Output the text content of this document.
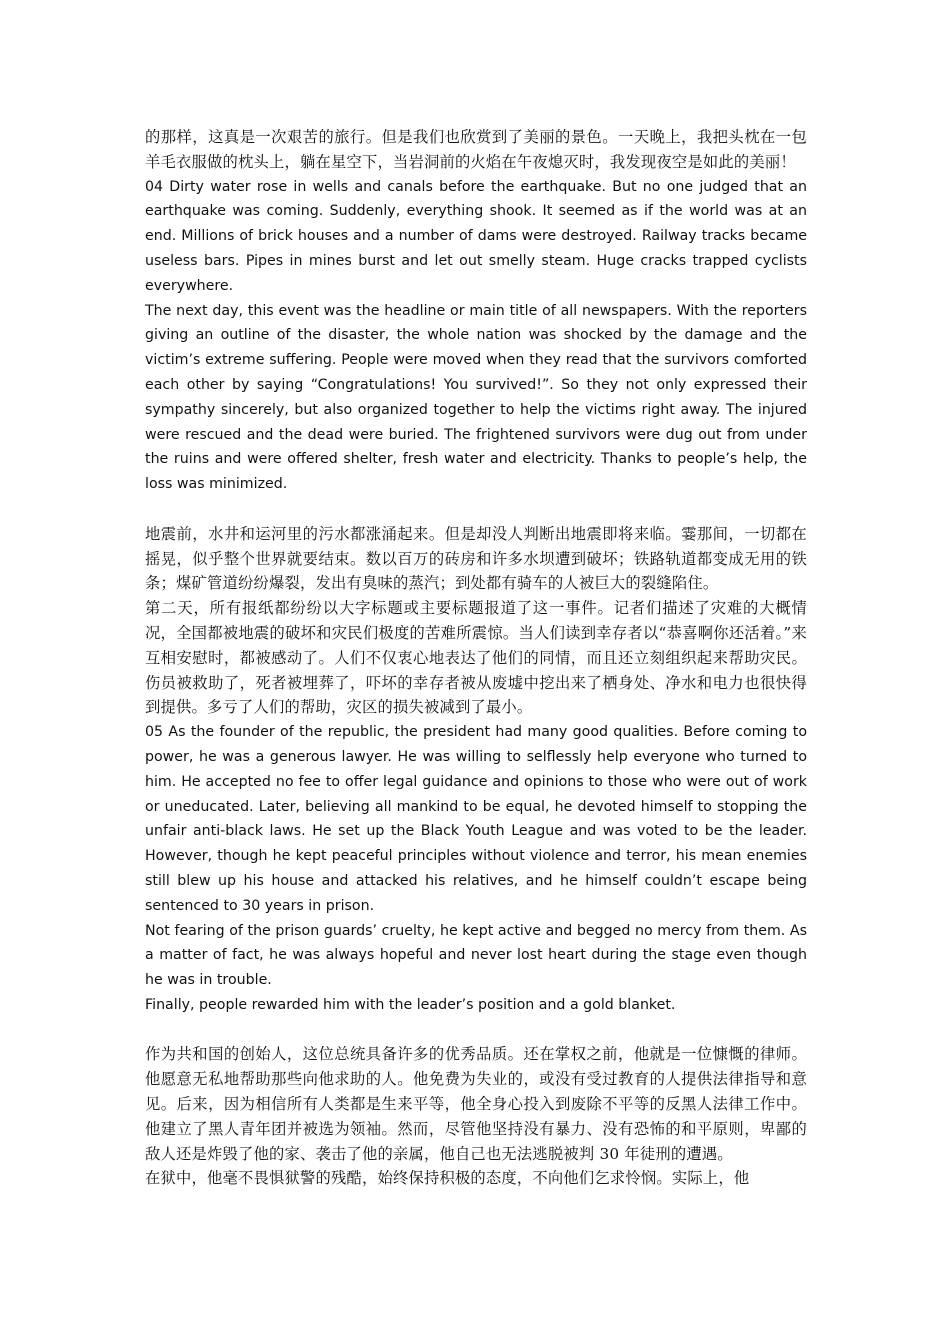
的那样，这真是一次艰苦的旅行。但是我们也欣赏到了美丽的景色。一天晚上，我把头枕在一包羊毛衣服做的枕头上，躺在星空下，当岩洞前的火焰在午夜熄灭时，我发现夜空是如此的美丽！

04 Dirty water rose in wells and canals before the earthquake. But no one judged that an earthquake was coming. Suddenly, everything shook. It seemed as if the world was at an end. Millions of brick houses and a number of dams were destroyed. Railway tracks became useless bars. Pipes in mines burst and let out smelly steam. Huge cracks trapped cyclists everywhere.

The next day, this event was the headline or main title of all newspapers. With the reporters giving an outline of the disaster, the whole nation was shocked by the damage and the victim’s extreme suffering. People were moved when they read that the survivors comforted each other by saying “Congratulations! You survived!”. So they not only expressed their sympathy sincerely, but also organized together to help the victims right away. The injured were rescued and the dead were buried. The frightened survivors were dug out from under the ruins and were offered shelter, fresh water and electricity. Thanks to people’s help, the loss was minimized.

地震前，水井和运河里的污水都涨涌起来。但是却没人判断出地震即将来临。霎那间，一切都在摇晃，似乎整个世界就要结束。数以百万的砖房和许多水坝遭到破坏；铁路轨道都变成无用的铁条；煤矿管道纷纷爆裂，发出有臭味的蒸汽；到处都有骑车的人被巨大的裂缝陷住。

第二天，所有报纸都纷纷以大字标题或主要标题报道了这一事件。记者们描述了灾难的大概情况，全国都被地震的破坏和灾民们极度的苦难所震惊。当人们读到幸存者以“恭喜啊你还活着。”来互相安慰时，都被感动了。人们不仅衷心地表达了他们的同情，而且还立刻组织起来帮助灾民。伤员被救助了，死者被埋葬了，吓坏的幸存者被从废墟中挖出来了栖身处、净水和电力也很快得到提供。多亏了人们的帮助，灾区的损失被减到了最小。

05 As the founder of the republic, the president had many good qualities. Before coming to power, he was a generous lawyer. He was willing to selflessly help everyone who turned to him. He accepted no fee to offer legal guidance and opinions to those who were out of work or uneducated. Later, believing all mankind to be equal, he devoted himself to stopping the unfair anti-black laws. He set up the Black Youth League and was voted to be the leader. However, though he kept peaceful principles without violence and terror, his mean enemies still blew up his house and attacked his relatives, and he himself couldn’t escape being sentenced to 30 years in prison.

Not fearing of the prison guards’ cruelty, he kept active and begged no mercy from them. As a matter of fact, he was always hopeful and never lost heart during the stage even though he was in trouble.

Finally, people rewarded him with the leader’s position and a gold blanket.

作为共和国的创始人，这位总统具备许多的优秀品质。还在掌权之前，他就是一位慷慨的律师。他愿意无私地帮助那些向他求助的人。他免费为失业的，或没有受过教育的人提供法律指导和意见。后来，因为相信所有人类都是生来平等，他全身心投入到废除不平等的反黑人法律工作中。他建立了黑人青年团并被选为领袖。然而，尽管他坚持没有暴力、没有恐怖的和平原则，卑鄙的敌人还是炸毁了他的家、袭击了他的亲属，他自己也无法逃脱被判 30 年徒刑的遭遇。

在狱中，他毫不畏惧狱警的残酷，始终保持积极的态度，不向他们乞求怜悯。实际上，他
